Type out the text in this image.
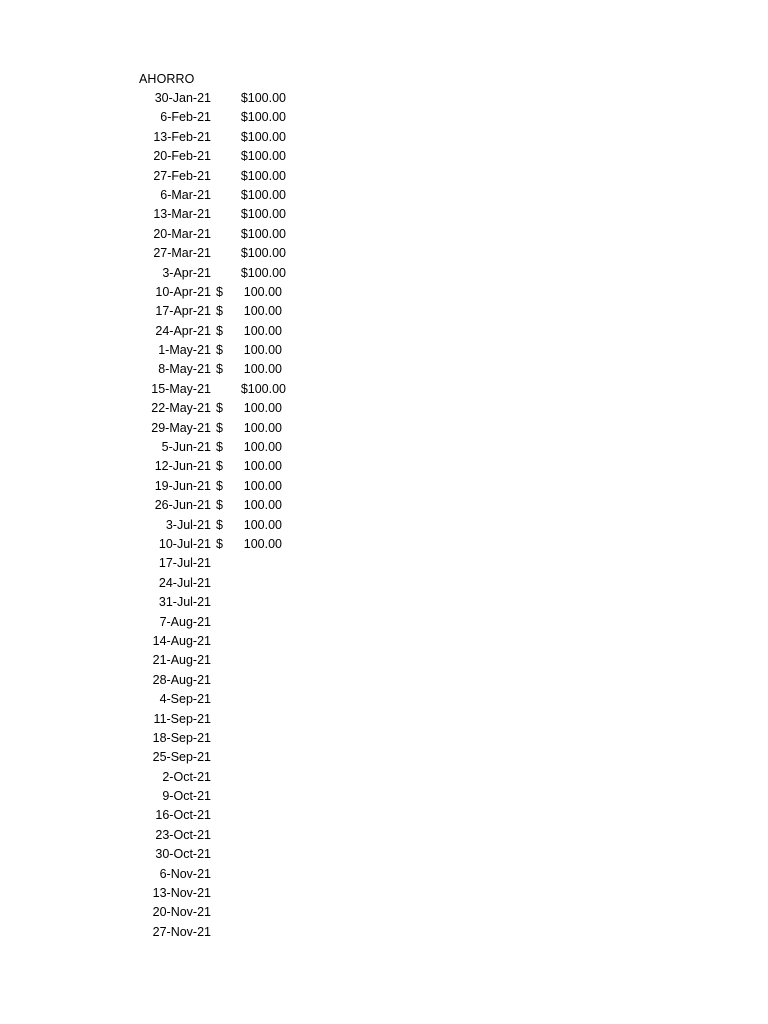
AHORRO
30-Jan-21	$100.00
6-Feb-21	$100.00
13-Feb-21	$100.00
20-Feb-21	$100.00
27-Feb-21	$100.00
6-Mar-21	$100.00
13-Mar-21	$100.00
20-Mar-21	$100.00
27-Mar-21	$100.00
3-Apr-21	$100.00
10-Apr-21 $ 100.00
17-Apr-21 $ 100.00
24-Apr-21 $ 100.00
1-May-21 $ 100.00
8-May-21 $ 100.00
15-May-21	$100.00
22-May-21 $ 100.00
29-May-21 $ 100.00
5-Jun-21 $ 100.00
12-Jun-21 $ 100.00
19-Jun-21 $ 100.00
26-Jun-21 $ 100.00
3-Jul-21 $ 100.00
10-Jul-21 $ 100.00
17-Jul-21
24-Jul-21
31-Jul-21
7-Aug-21
14-Aug-21
21-Aug-21
28-Aug-21
4-Sep-21
11-Sep-21
18-Sep-21
25-Sep-21
2-Oct-21
9-Oct-21
16-Oct-21
23-Oct-21
30-Oct-21
6-Nov-21
13-Nov-21
20-Nov-21
27-Nov-21
